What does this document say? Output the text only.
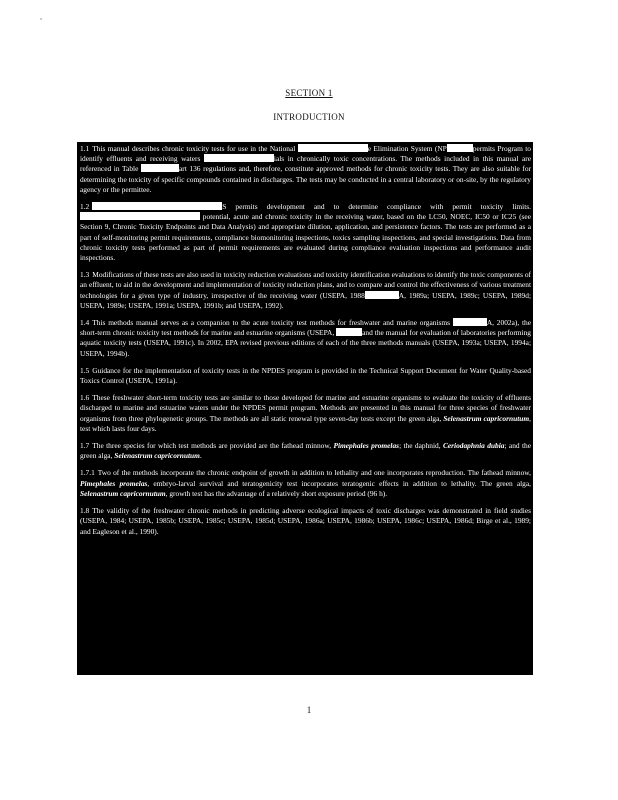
SECTION 1
INTRODUCTION

1.1 This manual describes chronic toxicity tests for use in the National	e Elimination System (NP	permits Program to identify effluents and receiving waters	ials in chronically toxic concentrations. The methods included in this manual are referenced in Table	art 136 regulations and, therefore, constitute approved methods for chronic toxicity tests. They are also suitable for determining the toxicity of specific compounds contained in discharges. The tests may be conducted in a central laboratory or on-site, by the regulatory agency or the permittee.

1.2	S permits development and to determine compliance with permit toxicity limits.  potential, acute and chronic toxicity in the receiving water, based on the LC50, NOEC, IC50 or IC25 (see Section 9, Chronic Toxicity Endpoints and Data Analysis) and appropriate dilution, application, and persistence factors. The tests are performed as a part of self-monitoring permit requirements, compliance biomonitoring inspections, toxics sampling inspections, and special investigations. Data from chronic toxicity tests performed as part of permit requirements are evaluated during compliance evaluation inspections and performance audit inspections.

1.3 Modifications of these tests are also used in toxicity reduction evaluations and toxicity identification evaluations to identify the toxic components of an effluent, to aid in the development and implementation of toxicity reduction plans, and to compare and control the effectiveness of various treatment technologies for a given type of industry, irrespective of the receiving water (USEPA, 1988	A, 1989a; USEPA, 1989c; USEPA, 1989d; USEPA, 1989e; USEPA, 1991a; USEPA, 1991b; and USEPA, 1992).

1.4 This methods manual serves as a companion to the acute toxicity test methods for freshwater and marine organisms	A, 2002a), the short-term chronic toxicity test methods for marine and estuarine organisms (USEPA,	and the manual for evaluation of laboratories performing aquatic toxicity tests (USEPA, 1991c). In 2002, EPA revised previous editions of each of the three methods manuals (USEPA, 1993a; USEPA, 1994a; USEPA, 1994b).

1.5 Guidance for the implementation of toxicity tests in the NPDES program is provided in the Technical Support Document for Water Quality-based Toxics Control (USEPA, 1991a).

1.6 These freshwater short-term toxicity tests are similar to those developed for marine and estuarine organisms to evaluate the toxicity of effluents discharged to marine and estuarine waters under the NPDES permit program. Methods are presented in this manual for three species of freshwater organisms from three phylogenetic groups. The methods are all static renewal type seven-day tests except the green alga, Selenastrum capricornutum, test which lasts four days.

1.7 The three species for which test methods are provided are the fathead minnow, Pimephales promelas; the daphnid, Ceriodaphnia dubia; and the green alga, Selenastrum capricornutum.

1.7.1 Two of the methods incorporate the chronic endpoint of growth in addition to lethality and one incorporates reproduction. The fathead minnow, Pimephales promelas, embryo-larval survival and teratogenicity test incorporates teratogenic effects in addition to lethality. The green alga, Selenastrum capricornutum, growth test has the advantage of a relatively short exposure period (96 h).

1.8 The validity of the freshwater chronic methods in predicting adverse ecological impacts of toxic discharges was demonstrated in field studies (USEPA, 1984; USEPA, 1985b; USEPA, 1985c; USEPA, 1985d; USEPA, 1986a; USEPA, 1986b; USEPA, 1986c; USEPA, 1986d; Birge et al., 1989; and Eagleson et al., 1990).

1
